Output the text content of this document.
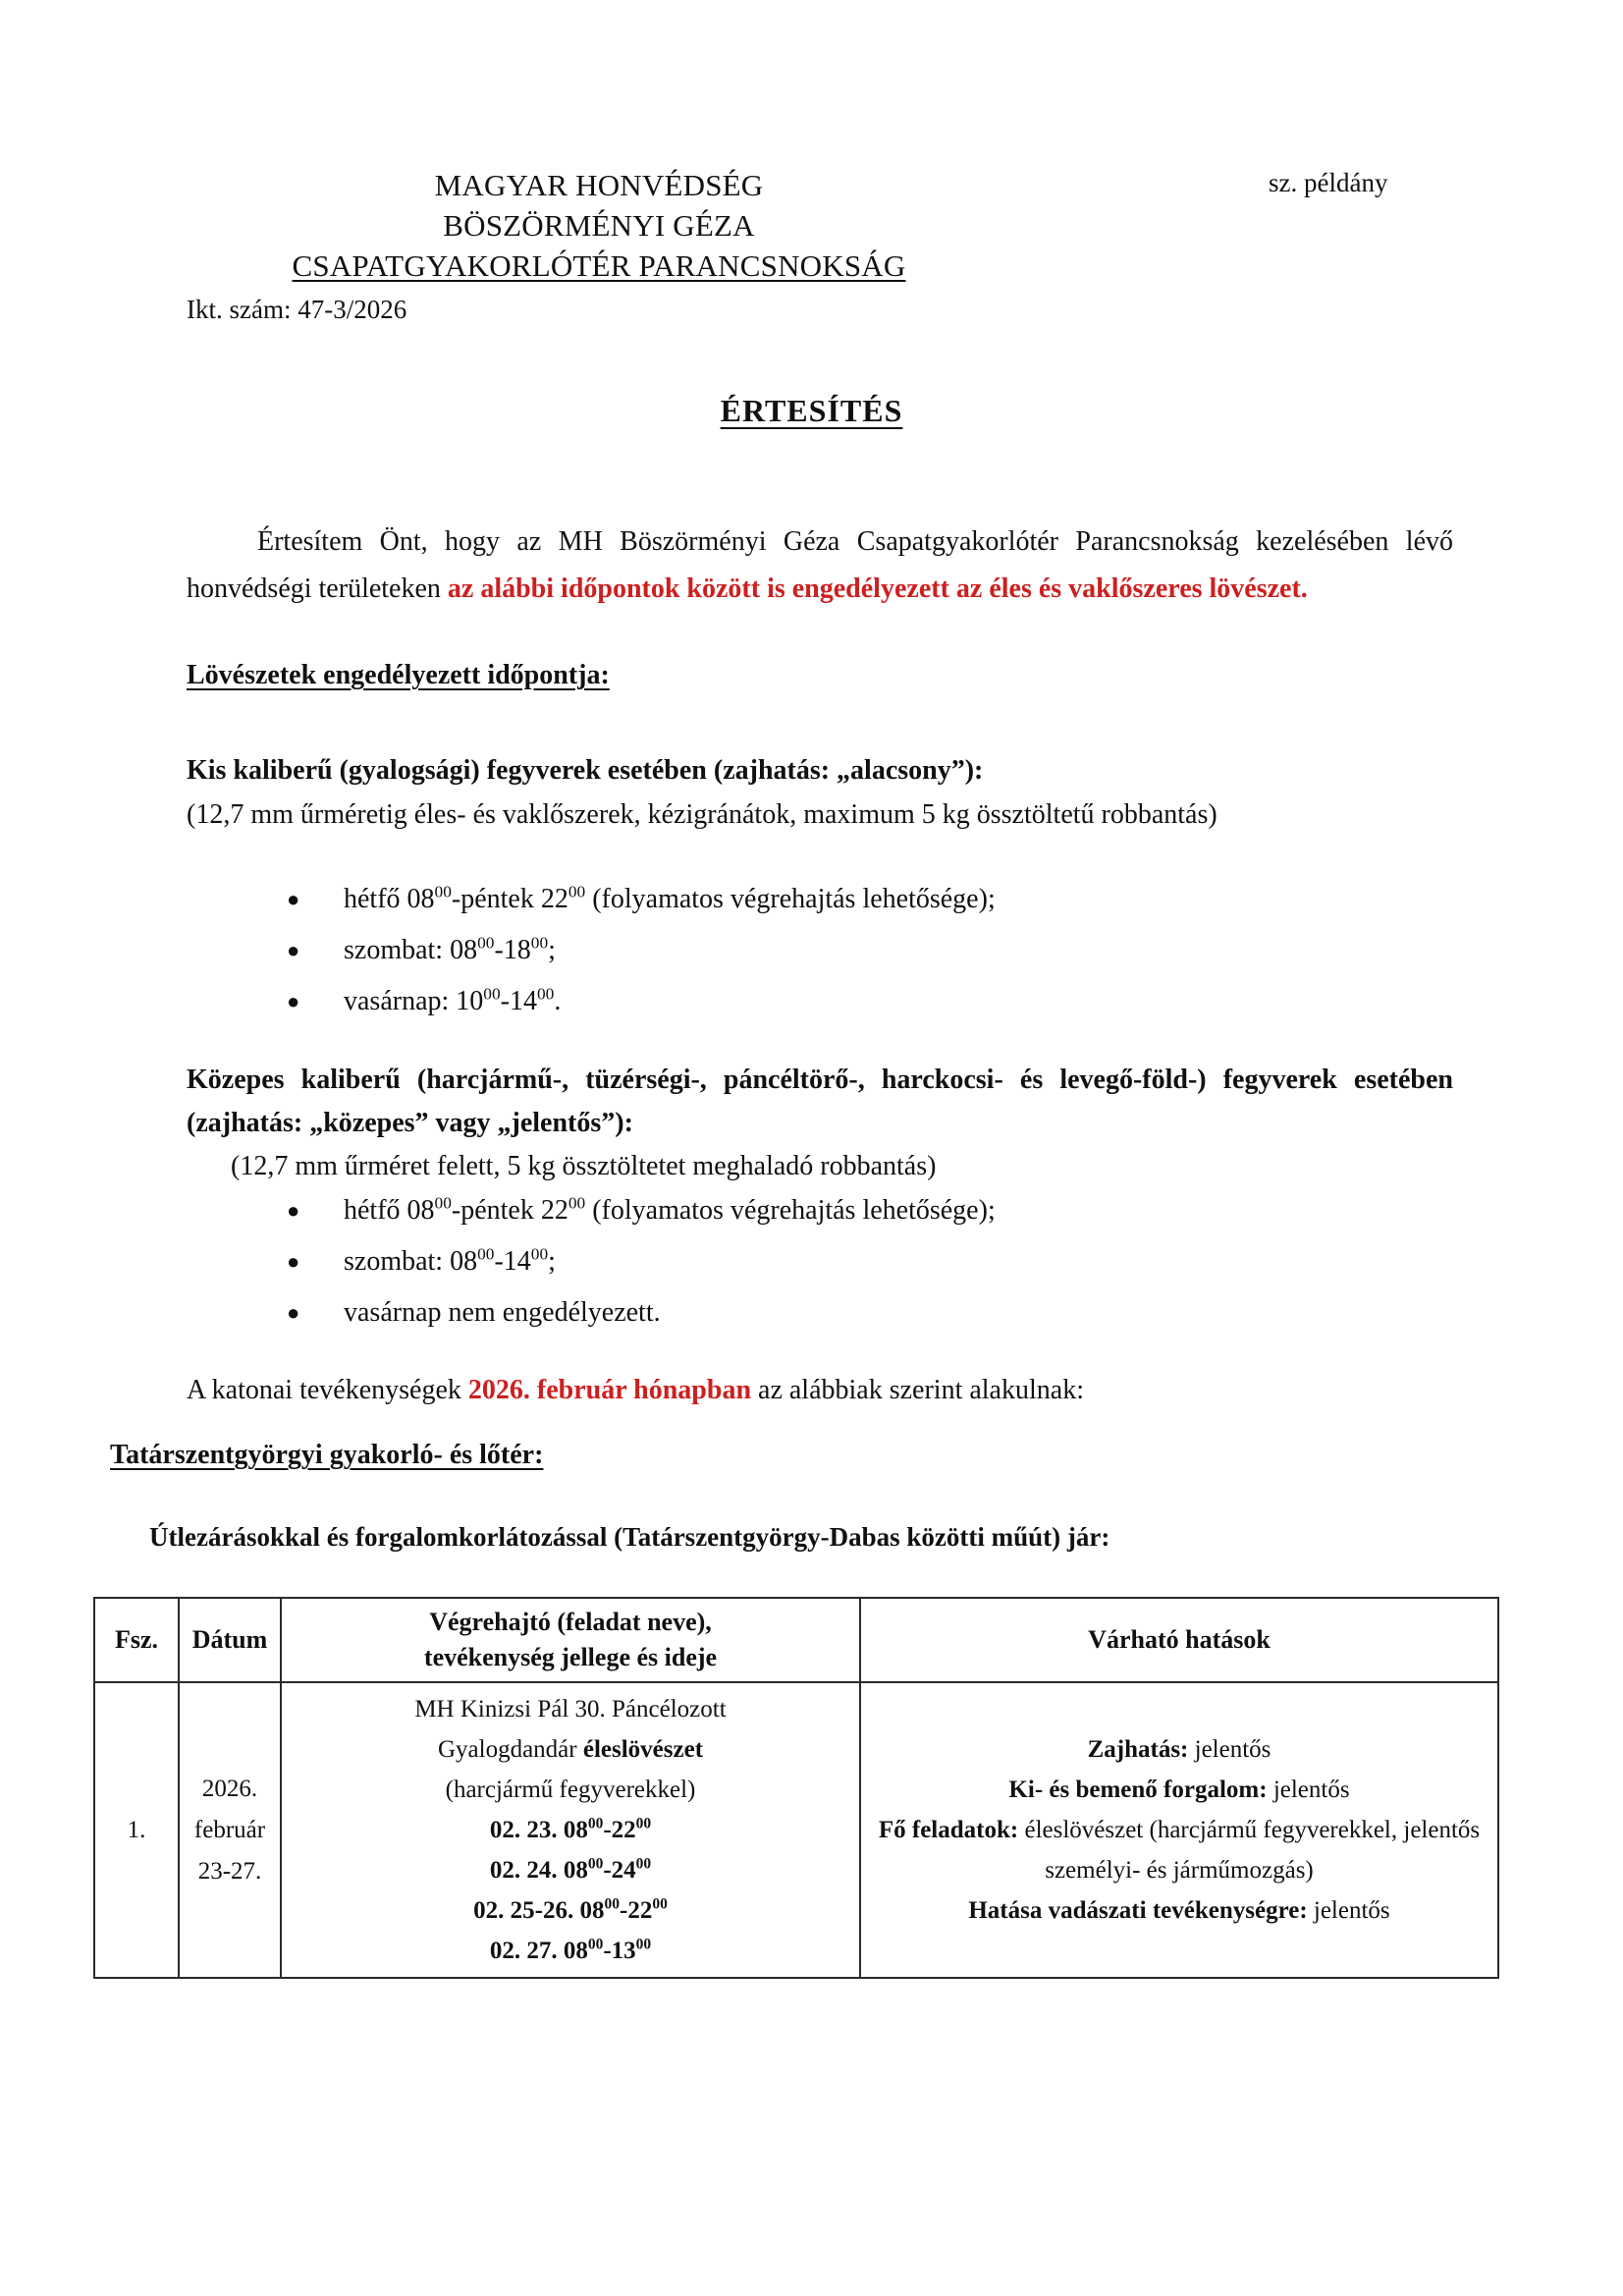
MAGYAR HONVÉDSÉG
BÖSZÖRMÉNYI GÉZA
CSAPATGYAKORLÓTÉR PARANCSNOKSÁG
sz. példány
Ikt. szám: 47-3/2026
ÉRTESÍTÉS

Értesítem Önt, hogy az MH Böszörményi Géza Csapatgyakorlótér Parancsnokság kezelésében lévő honvédségi területeken az alábbi időpontok között is engedélyezett az éles és vaklőszeres lövészet.

Lövészetek engedélyezett időpontja:
Kis kaliberű (gyalogsági) fegyverek esetében (zajhatás: „alacsony”):
(12,7 mm űrméretig éles- és vaklőszerek, kézigránátok, maximum 5 kg össztöltetű robbantás)
● hétfő $08^{00}$-péntek $22^{00}$ (folyamatos végrehajtás lehetősége);
● szombat: $08^{00}-18^{00}$;
● vasárnap: $10^{00}-14^{00}$.
Közepes kaliberű (harcjármű-, tüzérségi-, páncéltörő-, harckocsi- és levegő-föld-) fegyverek esetében (zajhatás: „közepes” vagy „jelentős”):
(12,7 mm űrméret felett, 5 kg össztöltetet meghaladó robbantás)
● hétfő $08^{00}$-péntek $22^{00}$ (folyamatos végrehajtás lehetősége);
● szombat: $08^{00}-14^{00}$;
● vasárnap nem engedélyezett.

A katonai tevékenységek 2026. február hónapban az alábbiak szerint alakulnak:

Tatárszentgyörgyi gyakorló- és lőtér:
Útlezárásokkal és forgalomkorlátozással (Tatárszentgyörgy-Dabas közötti műút) jár:
Fsz.	Dátum	Végrehajtó (feladat neve),
tevékenység jellege és ideje	Várható hatások
1.	2026.
február
23-27.	MH Kinizsi Pál 30. Páncélozott
Gyalogdandár éleslövészet
(harcjármű fegyverekkel)
02. 23. $08^{00}-22^{00}$
02. 24. $08^{00}-24^{00}$
02. 25-26. $08^{00}-22^{00}$
02. 27. $08^{00}-13^{00}$	Zajhatás: jelentős
Ki- és bemenő forgalom: jelentős
Fő feladatok: éleslövészet (harcjármű fegyverekkel, jelentős személyi- és járműmozgás)
Hatása vadászati tevékenységre: jelentős
